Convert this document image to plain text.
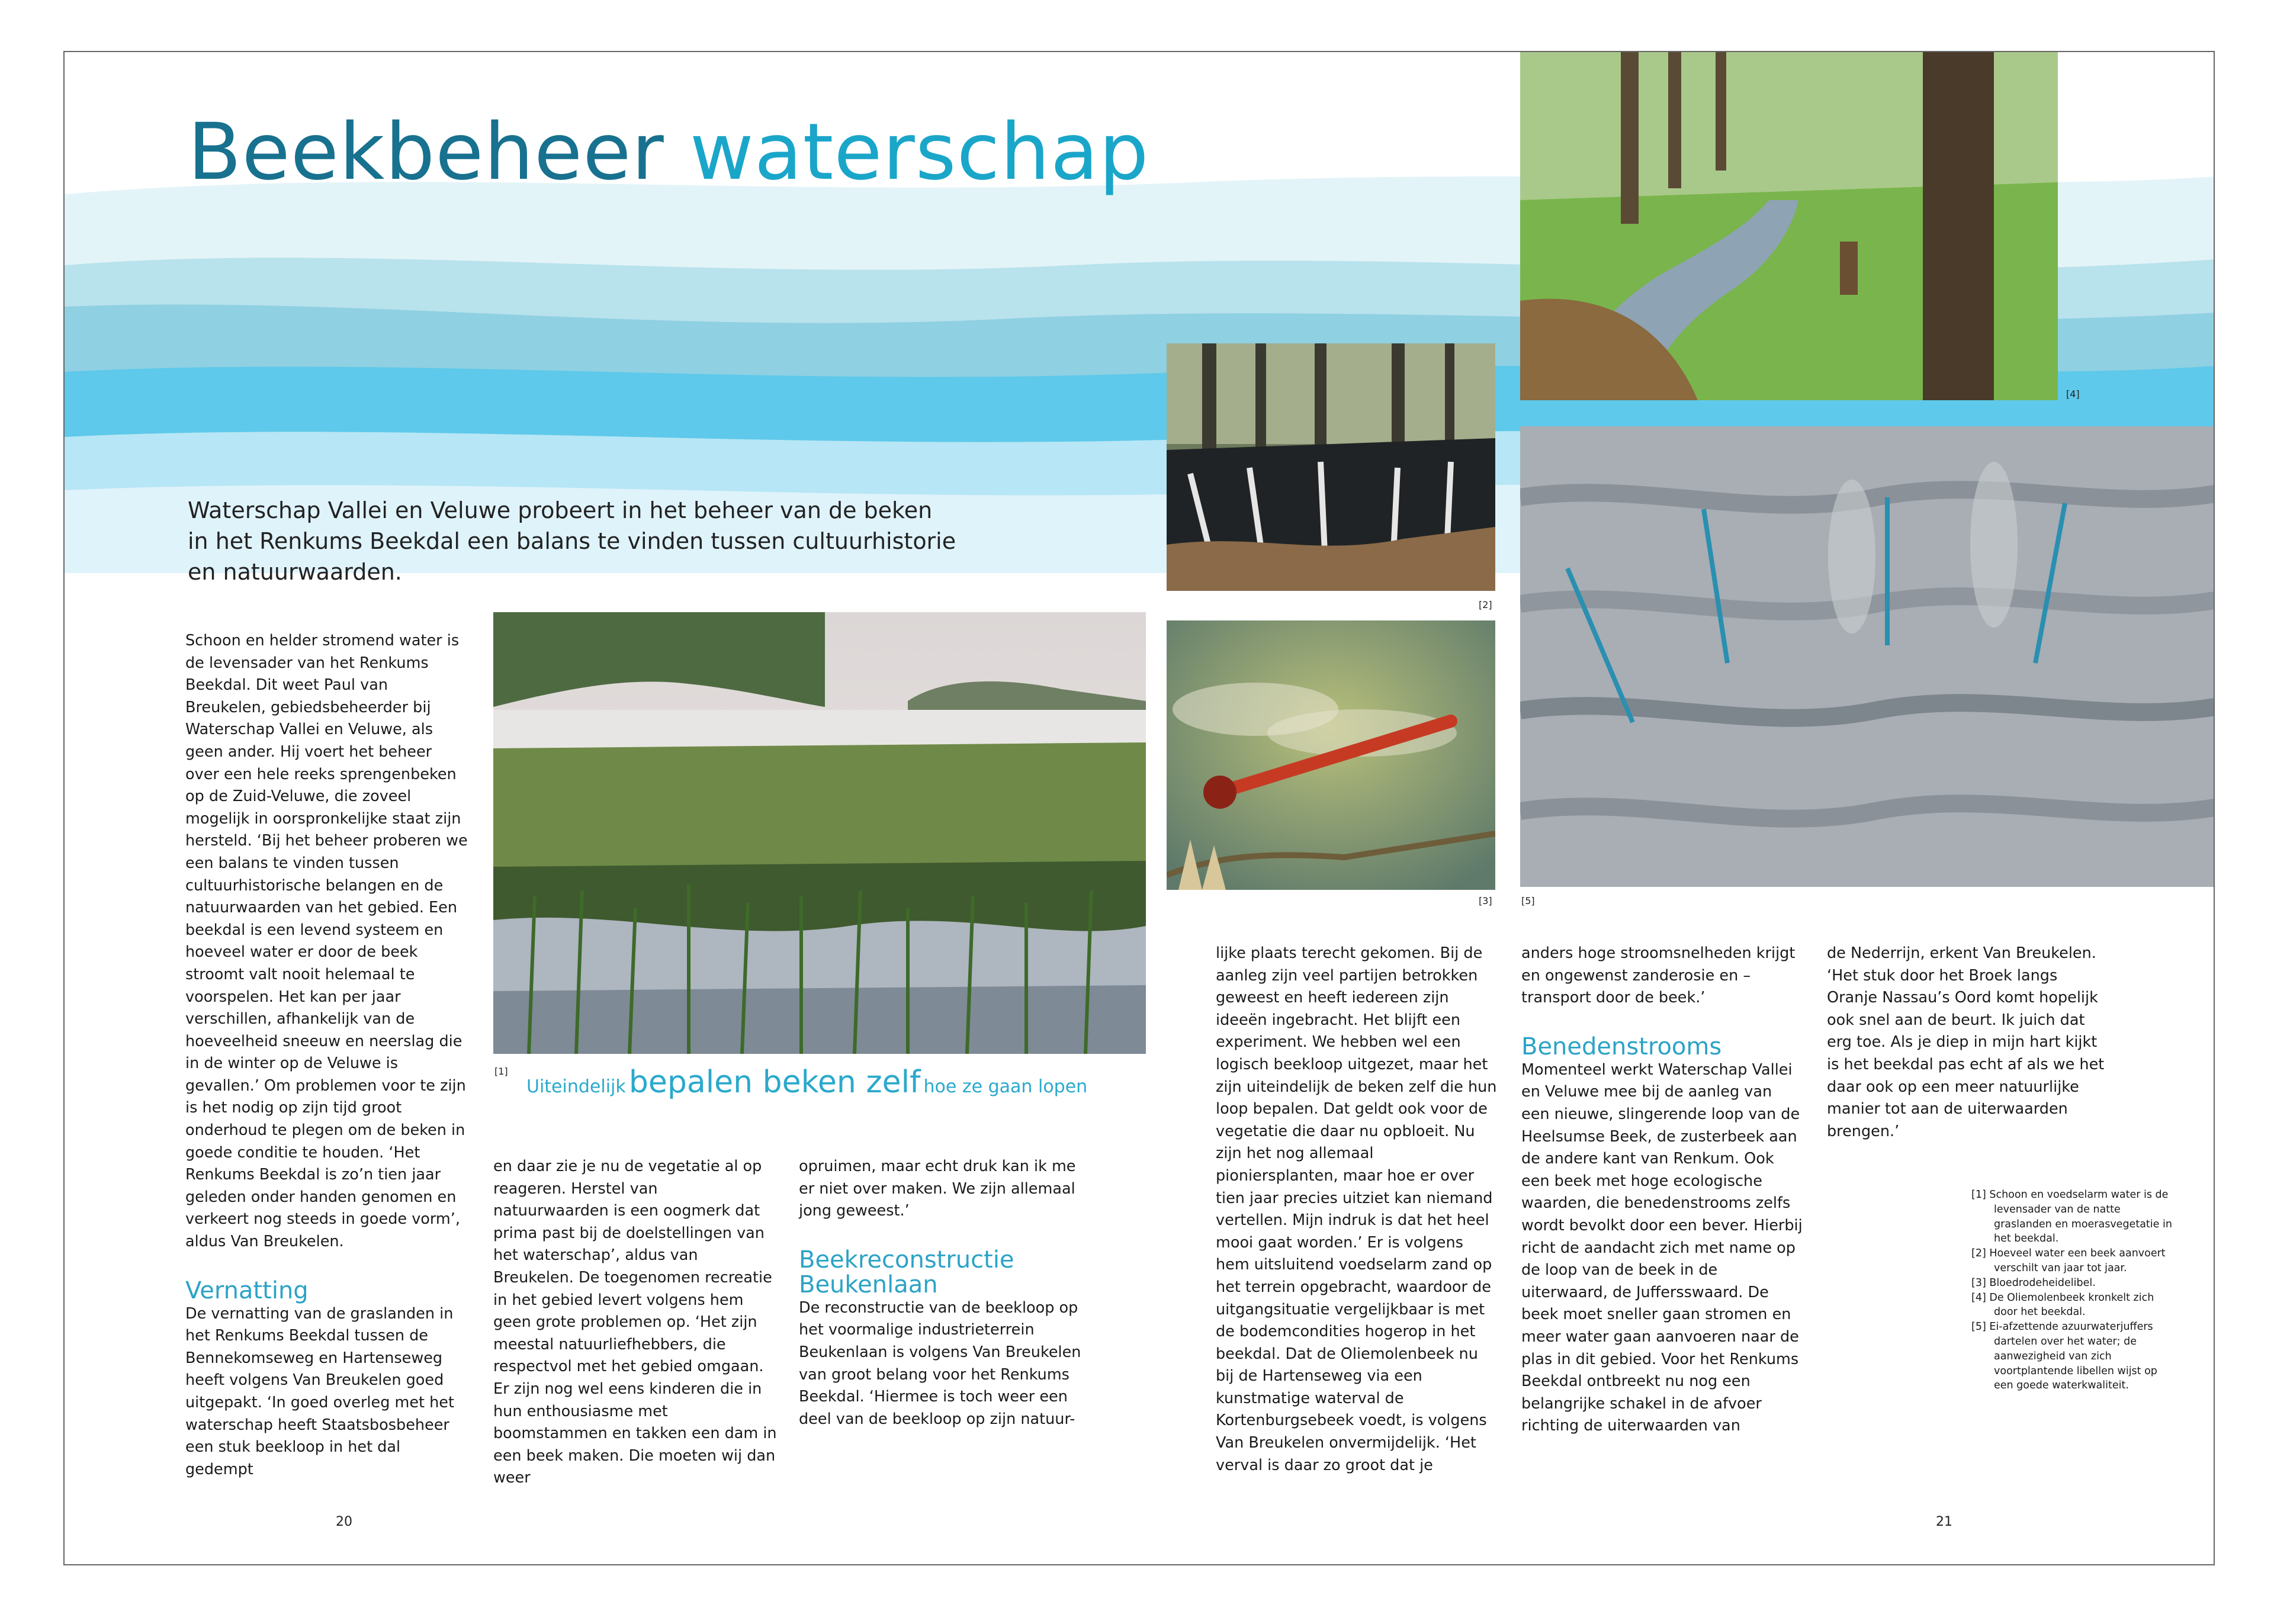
[4]
Beekbeheer waterschap
[2]
[5]
[3]
Waterschap Vallei en Veluwe probeert in het beheer van de beken in het Renkums Beekdal een balans te vinden tussen cultuurhistorie en natuurwaarden.
[1]
Uiteindelijk bepalen beken zelf hoe ze gaan lopen

Schoon en helder stromend water is de levensader van het Renkums Beekdal. Dit weet Paul van Breukelen, gebiedsbeheerder bij Waterschap Vallei en Veluwe, als geen ander. Hij voert het beheer over een hele reeks sprengenbeken op de Zuid-Veluwe, die zoveel mogelijk in oorspronkelijke staat zijn hersteld. ‘Bij het beheer proberen we een balans te vinden tussen cultuurhistorische belangen en de natuurwaarden van het gebied. Een beekdal is een levend systeem en hoeveel water er door de beek stroomt valt nooit helemaal te voorspelen. Het kan per jaar verschillen, afhankelijk van de hoeveelheid sneeuw en neerslag die in de winter op de Veluwe is gevallen.’ Om problemen voor te zijn is het nodig op zijn tijd groot onderhoud te plegen om de beken in goede conditie te houden. ‘Het Renkums Beekdal is zo’n tien jaar geleden onder handen genomen en verkeert nog steeds in goede vorm’, aldus Van Breukelen.

Vernatting

De vernatting van de graslanden in het Renkums Beekdal tussen de Bennekomseweg en Hartenseweg heeft volgens Van Breukelen goed uitgepakt. ‘In goed overleg met het waterschap heeft Staatsbosbeheer een stuk beekloop in het dal gedempt

en daar zie je nu de vegetatie al op reageren. Herstel van natuurwaarden is een oogmerk dat prima past bij de doelstellingen van het waterschap’, aldus van Breukelen. De toegenomen recreatie in het gebied levert volgens hem geen grote problemen op. ‘Het zijn meestal natuurliefhebbers, die respectvol met het gebied omgaan. Er zijn nog wel eens kinderen die in hun enthousiasme met boomstammen en takken een dam in een beek maken. Die moeten wij dan weer

opruimen, maar echt druk kan ik me er niet over maken. We zijn allemaal jong geweest.’

Beekreconstructie Beukenlaan

De reconstructie van de beekloop op het voormalige industrieterrein Beukenlaan is volgens Van Breukelen van groot belang voor het Renkums Beekdal. ‘Hiermee is toch weer een deel van de beekloop op zijn natuur-

lijke plaats terecht gekomen. Bij de aanleg zijn veel partijen betrokken geweest en heeft iedereen zijn ideeën ingebracht. Het blijft een experiment. We hebben wel een logisch beekloop uitgezet, maar het zijn uiteindelijk de beken zelf die hun loop bepalen. Dat geldt ook voor de vegetatie die daar nu opbloeit. Nu zijn het nog allemaal pioniersplanten, maar hoe er over tien jaar precies uitziet kan niemand vertellen. Mijn indruk is dat het heel mooi gaat worden.’ Er is volgens hem uitsluitend voedselarm zand op het terrein opgebracht, waardoor de uitgangsituatie vergelijkbaar is met de bodemcondities hogerop in het beekdal. Dat de Oliemolenbeek nu bij de Hartenseweg via een kunstmatige waterval de Kortenburgsebeek voedt, is volgens Van Breukelen onvermijdelijk. ‘Het verval is daar zo groot dat je

anders hoge stroomsnelheden krijgt en ongewenst zanderosie en –transport door de beek.’

Benedenstrooms

Momenteel werkt Waterschap Vallei en Veluwe mee bij de aanleg van een nieuwe, slingerende loop van de Heelsumse Beek, de zusterbeek aan de andere kant van Renkum. Ook een beek met hoge ecologische waarden, die benedenstrooms zelfs wordt bevolkt door een bever. Hierbij richt de aandacht zich met name op de loop van de beek in de uiterwaard, de Juffersswaard. De beek moet sneller gaan stromen en meer water gaan aanvoeren naar de plas in dit gebied. Voor het Renkums Beekdal ontbreekt nu nog een belangrijke schakel in de afvoer richting de uiterwaarden van

de Nederrijn, erkent Van Breukelen. ‘Het stuk door het Broek langs Oranje Nassau’s Oord komt hopelijk ook snel aan de beurt. Ik juich dat erg toe. Als je diep in mijn hart kijkt is het beekdal pas echt af als we het daar ook op een meer natuurlijke manier tot aan de uiterwaarden brengen.’

[1] Schoon en voedselarm water is de levensader van de natte graslanden en moerasvegetatie in het beekdal.

[2] Hoeveel water een beek aanvoert verschilt van jaar tot jaar.

[3] Bloedrodeheidelibel.

[4] De Oliemolenbeek kronkelt zich door het beekdal.

[5] Ei-afzettende azuurwaterjuffers dartelen over het water; de aanwezigheid van zich voortplantende libellen wijst op een goede waterkwaliteit.

20	21
